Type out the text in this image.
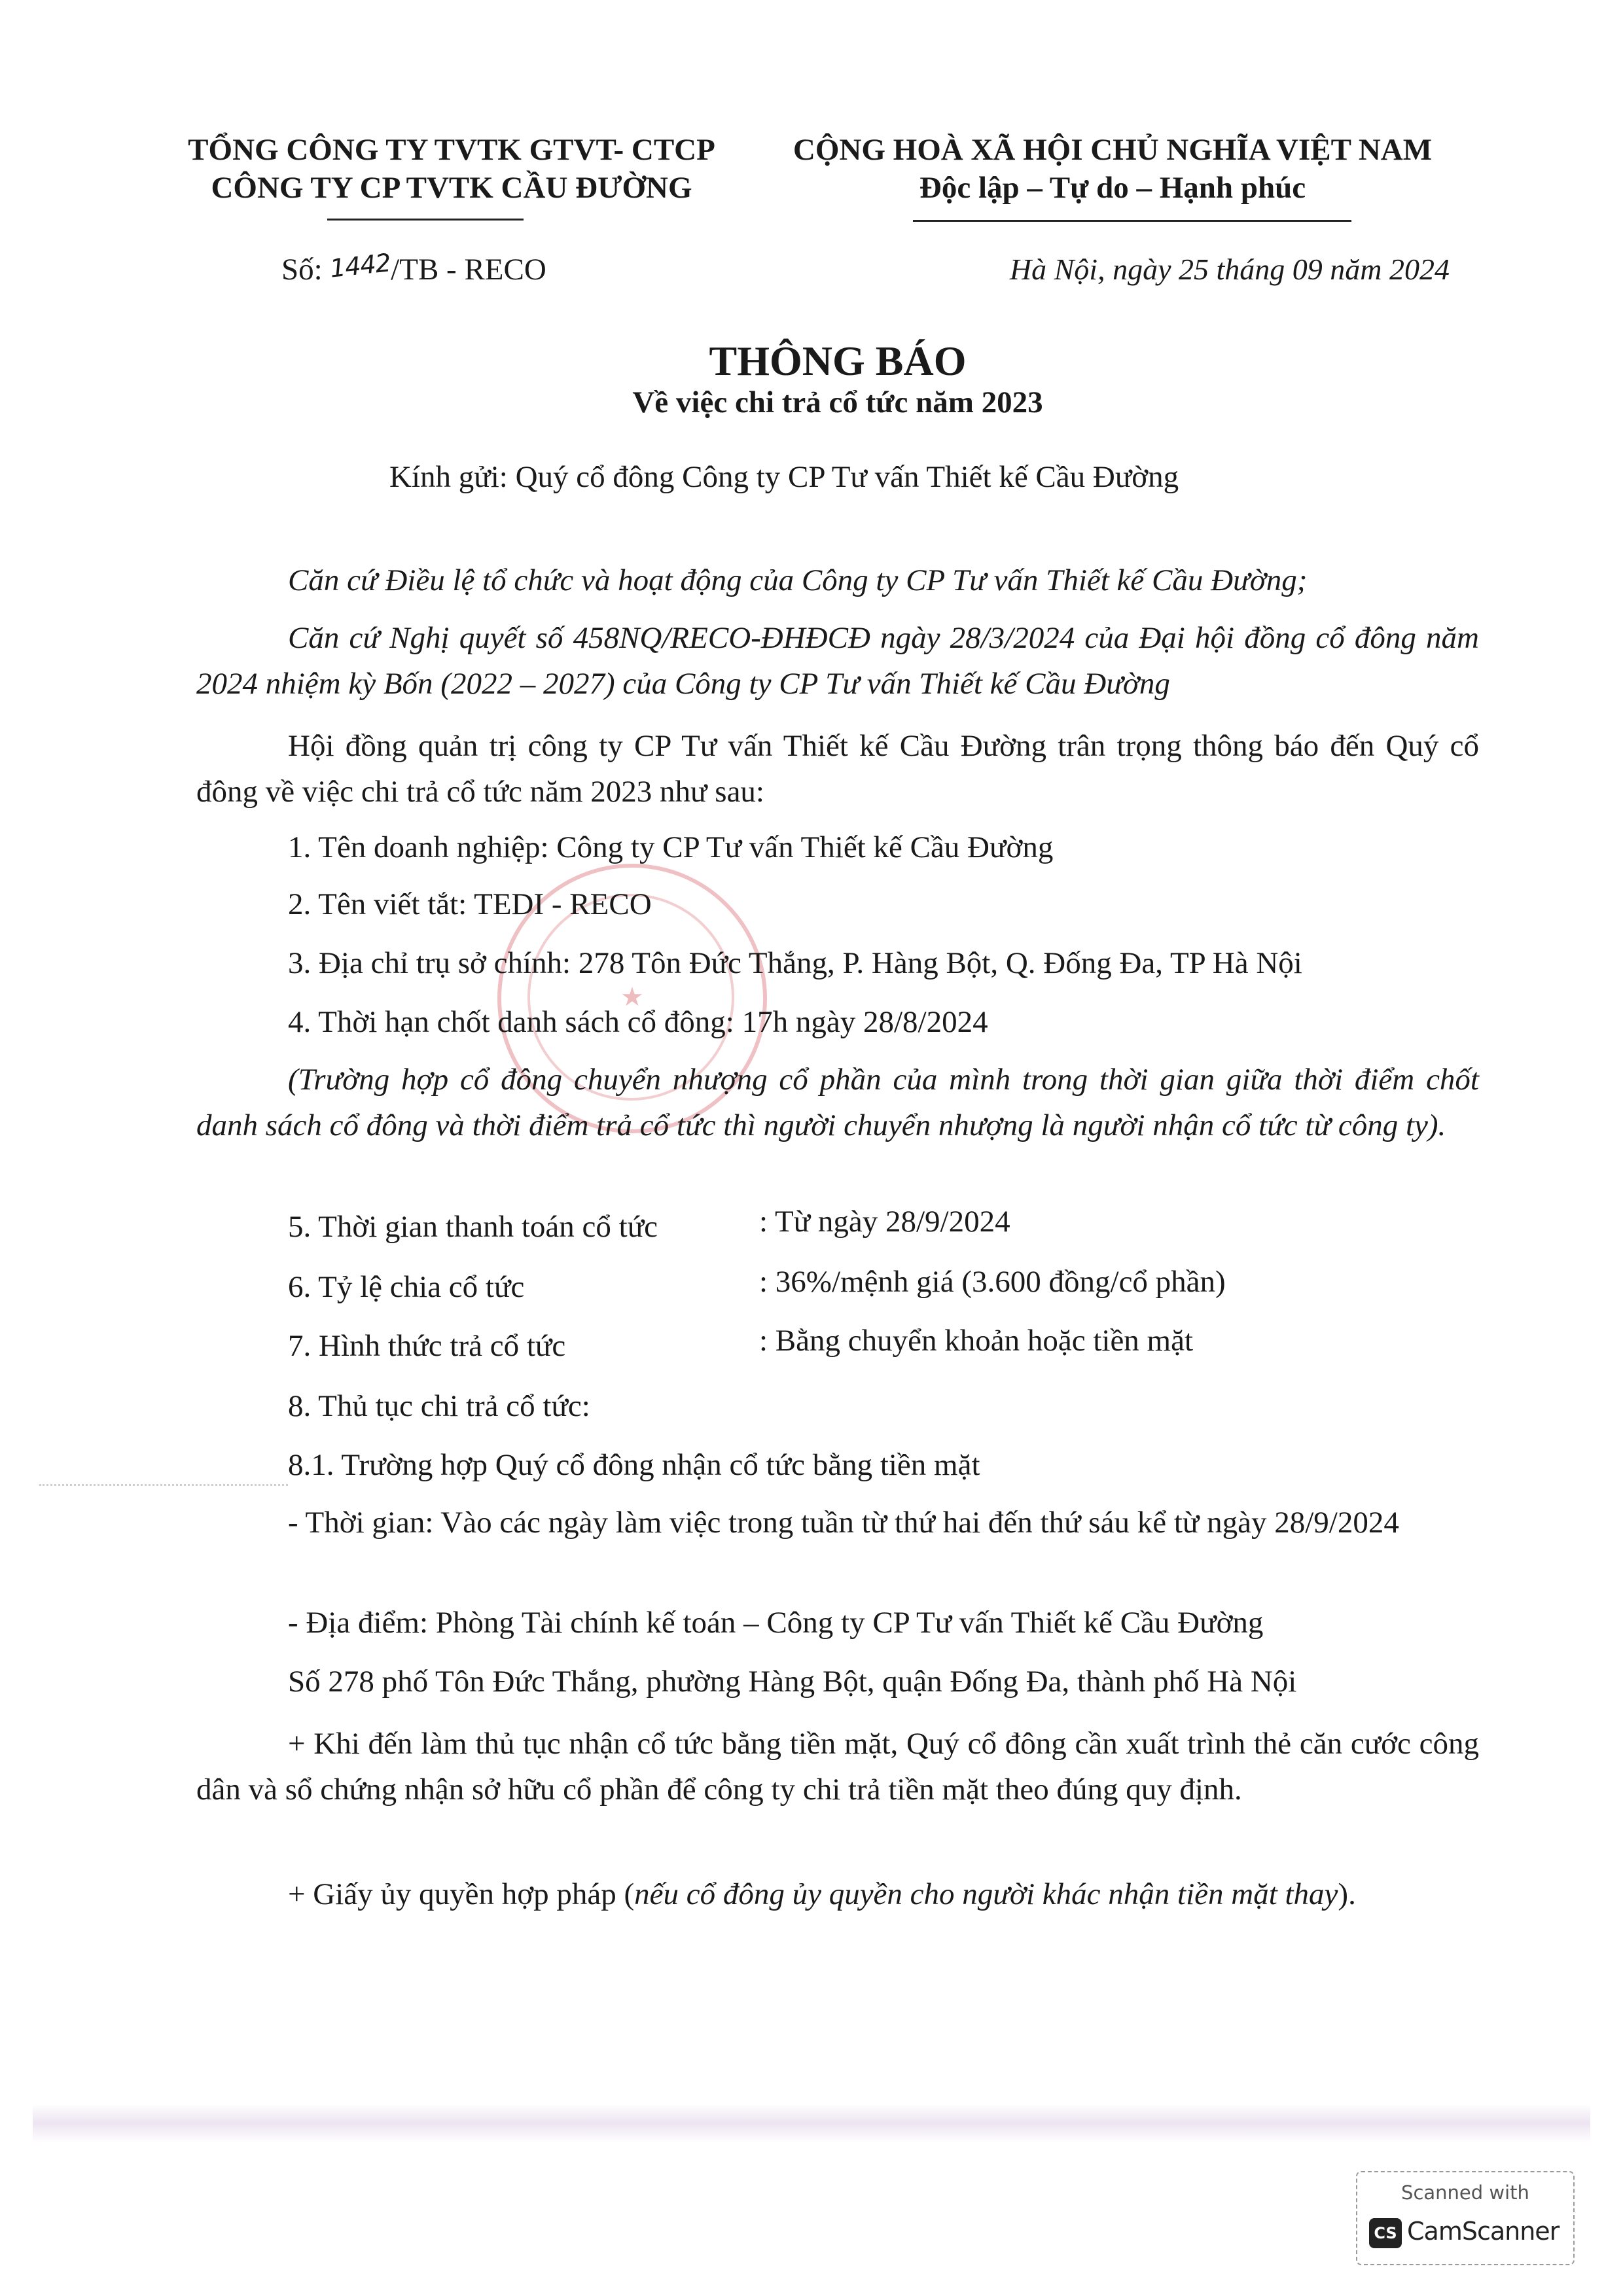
TỔNG CÔNG TY TVTK GTVT- CTCP
CÔNG TY CP TVTK CẦU ĐƯỜNG
CỘNG HOÀ XÃ HỘI CHỦ NGHĨA VIỆT NAM
Độc lập – Tự do – Hạnh phúc
Số: 1442/TB - RECO	Hà Nội, ngày 25 tháng 09 năm 2024
THÔNG BÁO
Về việc chi trả cổ tức năm 2023
Kính gửi: Quý cổ đông Công ty CP Tư vấn Thiết kế Cầu Đường
Căn cứ Điều lệ tổ chức và hoạt động của Công ty CP Tư vấn Thiết kế Cầu Đường;
Căn cứ Nghị quyết số 458NQ/RECO-ĐHĐCĐ ngày 28/3/2024 của Đại hội đồng cổ đông năm 2024 nhiệm kỳ Bốn (2022 – 2027) của Công ty CP Tư vấn Thiết kế Cầu Đường
Hội đồng quản trị công ty CP Tư vấn Thiết kế Cầu Đường trân trọng thông báo đến Quý cổ đông về việc chi trả cổ tức năm 2023 như sau:
★
1. Tên doanh nghiệp: Công ty CP Tư vấn Thiết kế Cầu Đường
2. Tên viết tắt: TEDI - RECO
3. Địa chỉ trụ sở chính: 278 Tôn Đức Thắng, P. Hàng Bột, Q. Đống Đa, TP Hà Nội
4. Thời hạn chốt danh sách cổ đông: 17h ngày 28/8/2024
(Trường hợp cổ đông chuyển nhượng cổ phần của mình trong thời gian giữa thời điểm chốt danh sách cổ đông và thời điểm trả cổ tức thì người chuyển nhượng là người nhận cổ tức từ công ty).
5. Thời gian thanh toán cổ tức	: Từ ngày 28/9/2024
6. Tỷ lệ chia cổ tức	: 36%/mệnh giá (3.600 đồng/cổ phần)
7. Hình thức trả cổ tức	: Bằng chuyển khoản hoặc tiền mặt
8. Thủ tục chi trả cổ tức:
8.1. Trường hợp Quý cổ đông nhận cổ tức bằng tiền mặt
- Thời gian: Vào các ngày làm việc trong tuần từ thứ hai đến thứ sáu kể từ ngày 28/9/2024
- Địa điểm: Phòng Tài chính kế toán – Công ty CP Tư vấn Thiết kế Cầu Đường
Số 278 phố Tôn Đức Thắng, phường Hàng Bột, quận Đống Đa, thành phố Hà Nội
+ Khi đến làm thủ tục nhận cổ tức bằng tiền mặt, Quý cổ đông cần xuất trình thẻ căn cước công dân và sổ chứng nhận sở hữu cổ phần để công ty chi trả tiền mặt theo đúng quy định.
+ Giấy ủy quyền hợp pháp (nếu cổ đông ủy quyền cho người khác nhận tiền mặt thay).
Scanned with
CS CamScanner
